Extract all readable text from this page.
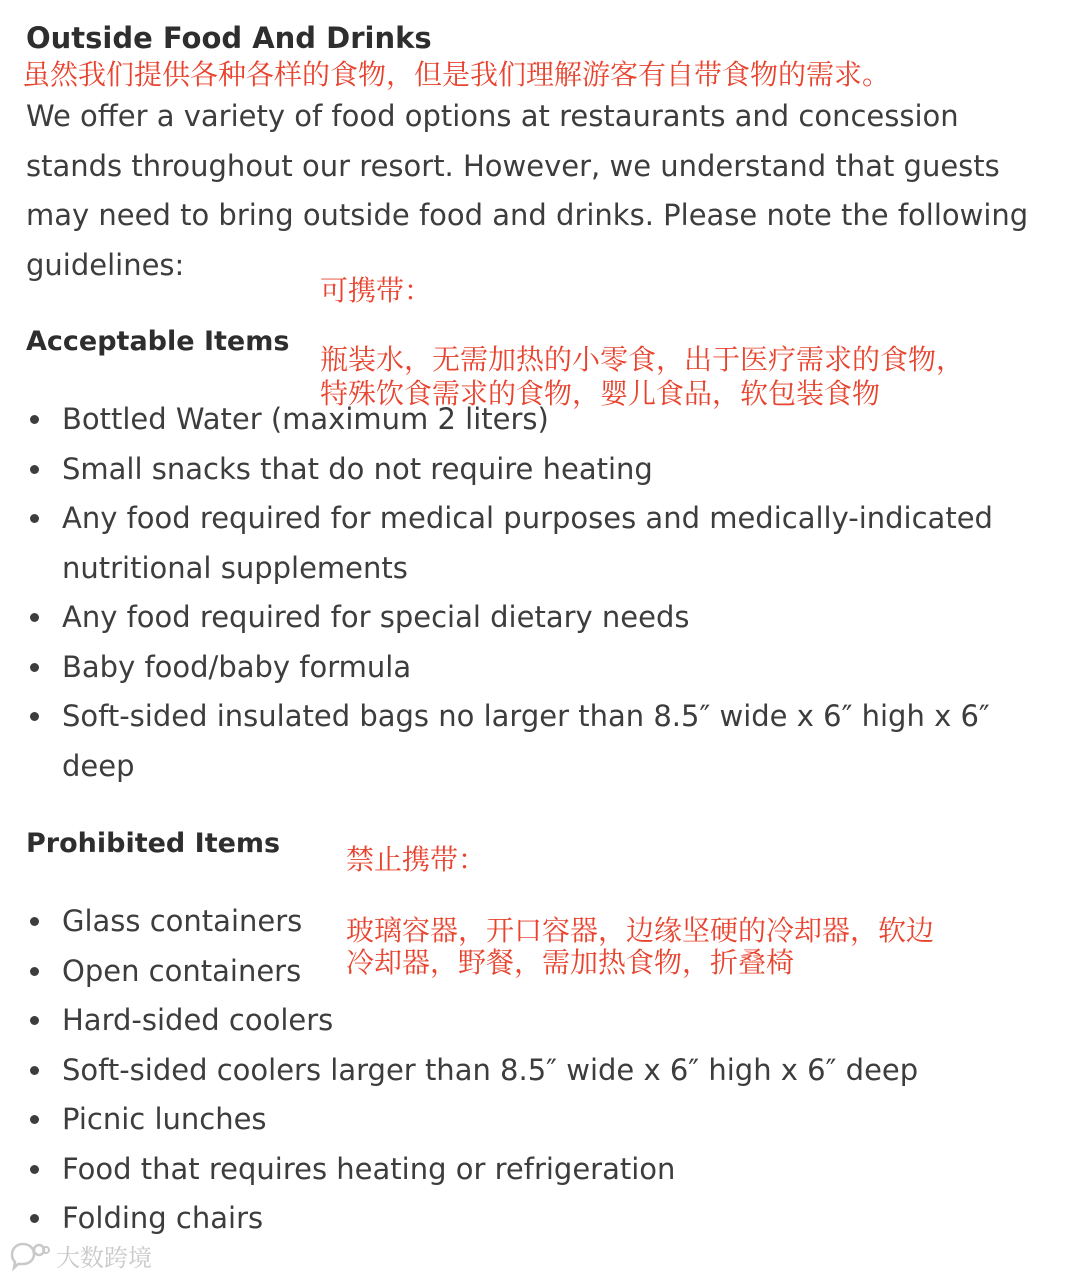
Outside Food And Drinks
虽然我们提供各种各样的食物，但是我们理解游客有自带食物的需求。

We offer a variety of food options at restaurants and concession stands throughout our resort. However, we understand that guests may need to bring outside food and drinks. Please note the following guidelines:

可携带：
Acceptable Items
瓶装水，无需加热的小零食，出于医疗需求的食物，
特殊饮食需求的食物，婴儿食品，软包装食物
Bottled Water (maximum 2 liters)
Small snacks that do not require heating
Any food required for medical purposes and medically-indicated nutritional supplements
Any food required for special dietary needs
Baby food/baby formula
Soft-sided insulated bags no larger than 8.5″ wide x 6″ high x 6″ deep
Prohibited Items 禁止携带：
Glass containers
Open containers
Hard-sided coolers
Soft-sided coolers larger than 8.5″ wide x 6″ high x 6″ deep
Picnic lunches
Food that requires heating or refrigeration
Folding chairs
玻璃容器，开口容器，边缘坚硬的冷却器，软边
冷却器，野餐，需加热食物，折叠椅
大数跨境
